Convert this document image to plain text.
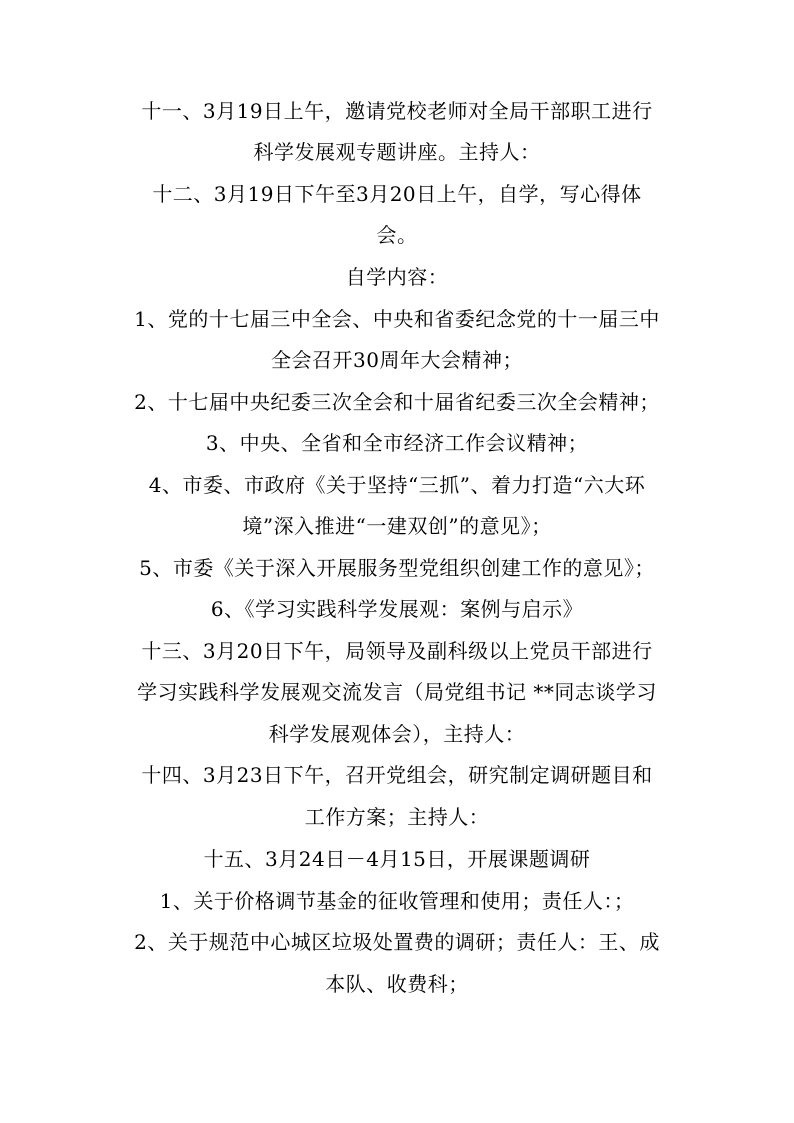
十一、3月19日上午，邀请党校老师对全局干部职工进行
科学发展观专题讲座。主持人：
十二、3月19日下午至3月20日上午，自学，写心得体
会。
自学内容：
1、党的十七届三中全会、中央和省委纪念党的十一届三中
全会召开30周年大会精神；
2、十七届中央纪委三次全会和十届省纪委三次全会精神；
3、中央、全省和全市经济工作会议精神；
4、市委、市政府《关于坚持“三抓”、着力打造“六大环
境”深入推进“一建双创”的意见》；
5、市委《关于深入开展服务型党组织创建工作的意见》；
6、《学习实践科学发展观：案例与启示》
十三、3月20日下午，局领导及副科级以上党员干部进行
学习实践科学发展观交流发言（局党组书记 **同志谈学习
科学发展观体会），主持人：
十四、3月23日下午，召开党组会，研究制定调研题目和
工作方案；主持人：
十五、3月24日－4月15日，开展课题调研
1、关于价格调节基金的征收管理和使用；责任人：；
2、关于规范中心城区垃圾处置费的调研；责任人：王、成
本队、收费科；
